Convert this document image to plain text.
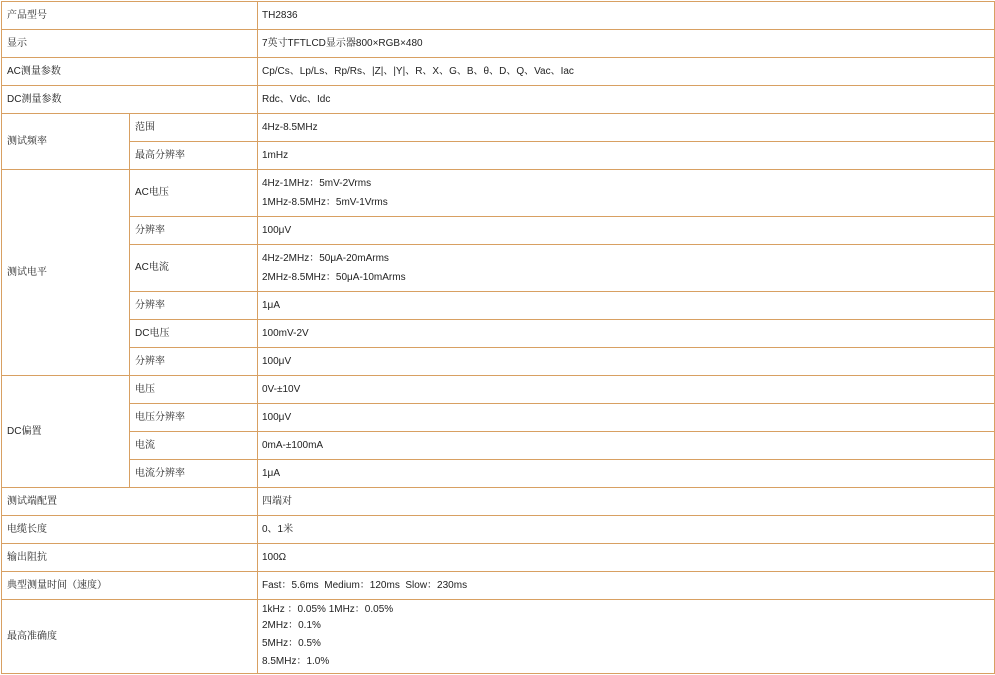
产品型号		TH2836
显示		7英寸TFTLCD显示器800×RGB×480
AC测量参数		Cp/Cs、Lp/Ls、Rp/Rs、|Z|、|Y|、R、X、G、B、θ、D、Q、Vac、Iac
DC测量参数		Rdc、Vdc、Idc
测试频率	范围	4Hz-8.5MHz
	最高分辨率	1mHz
测试电平	AC电压	4Hz-1MHz：5mV-2Vrms
1MHz-8.5MHz：5mV-1Vrms

	分辨率	100μV
	AC电流	4Hz-2MHz：50μA-20mArms
2MHz-8.5MHz：50μA-10mArms

	分辨率	1μA
	DC电压	100mV-2V
	分辨率	100μV
DC偏置	电压	0V-±10V
	电压分辨率	100μV
	电流	0mA-±100mA
	电流分辨率	1μA
测试端配置		四端对
电缆长度		0、1米
输出阻抗		100Ω
典型测量时间（速度）		Fast：5.6ms  Medium：120ms  Slow：230ms
最高准确度		1kHz ：0.05% 1MHz：0.05%
2MHz：0.1%
5MHz：0.5%
8.5MHz：1.0%
